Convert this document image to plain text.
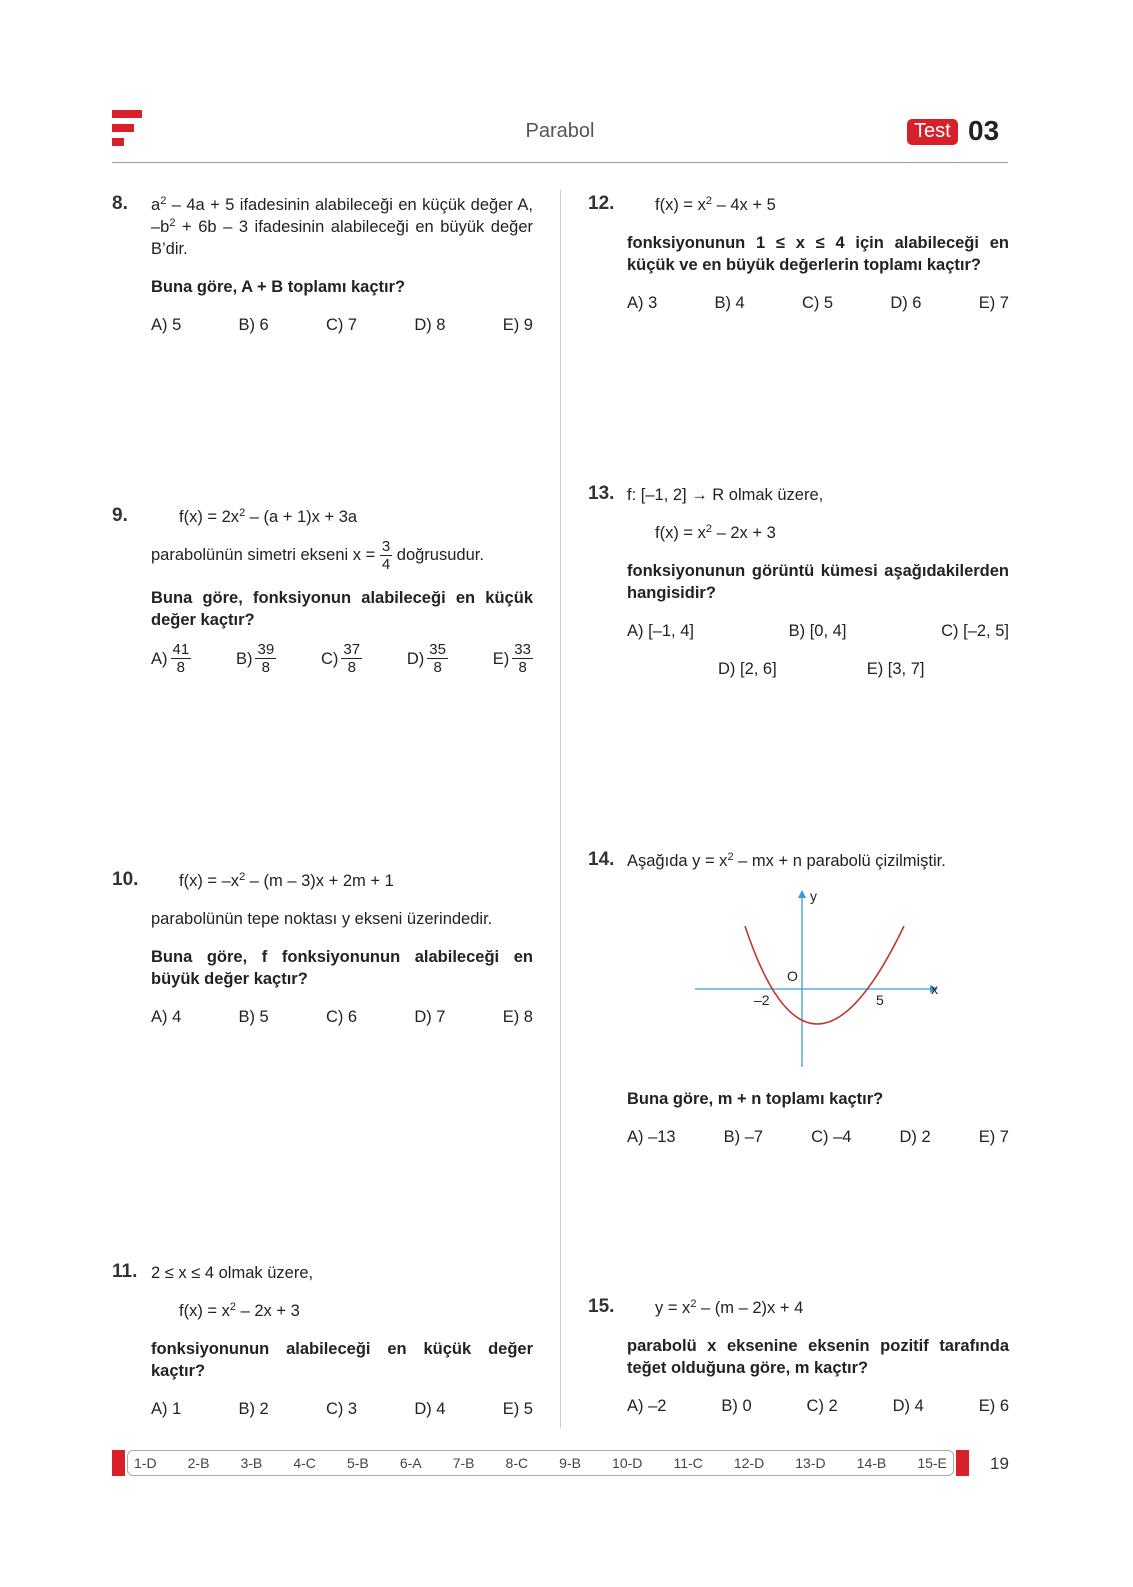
Parabol	Test 03
8. $a^2 - 4a + 5$ ifadesinin alabileceği en küçük değer A, $-b^2 + 6b - 3$ ifadesinin alabileceği en büyük değer B’dir.
Buna göre, A + B toplamı kaçtır?
A) 5	B) 6	C) 7	D) 8	E) 9
9.	$f(x) = 2x^2 - (a + 1)x + 3a$
parabolünün simetri ekseni $x = \frac{3}{4}$ doğrusudur.
Buna göre, fonksiyonun alabileceği en küçük değer kaçtır?
$A) \frac{41}{8}$	$B) \frac{39}{8}$	$C) \frac{37}{8}$	$D) \frac{35}{8}$	$E) \frac{33}{8}$
10.	$f(x) = -x^2 - (m - 3)x + 2m + 1$
parabolünün tepe noktası y ekseni üzerindedir.
Buna göre, f fonksiyonunun alabileceği en büyük değer kaçtır?
A) 4	B) 5	C) 6	D) 7	E) 8
11. 2 ≤ x ≤ 4 olmak üzere,
$f(x) = x^2 - 2x + 3$
fonksiyonunun alabileceği en küçük değer kaçtır?
A) 1	B) 2	C) 3	D) 4	E) 5
12.	$f(x) = x^2 - 4x + 5$
fonksiyonunun 1 ≤ x ≤ 4 için alabileceği en küçük ve en büyük değerlerin toplamı kaçtır?
A) 3	B) 4	C) 5	D) 6	E) 7
13. f: [–1, 2] → R olmak üzere,
$f(x) = x^2 - 2x + 3$
fonksiyonunun görüntü kümesi aşağıdakilerden hangisidir?
A) [–1, 4]	B) [0, 4]	C) [–2, 5]
D) [2, 6]	E) [3, 7]
14. Aşağıda $y = x^2$ – mx + n parabolü çizilmiştir.
y
x
O
–2	5
Buna göre, m + n toplamı kaçtır?
A) –13	B) –7	C) –4	D) 2	E) 7
15.	$y = x^2 - (m - 2)x + 4$
parabolü x eksenine eksenin pozitif tarafında teğet olduğuna göre, m kaçtır?
A) –2	B) 0	C) 2	D) 4	E) 6
1-D 2-B 3-B 4-C 5-B 6-A 7-B 8-C 9-B 10-D 11-C 12-D 13-D 14-B 15-E	19
